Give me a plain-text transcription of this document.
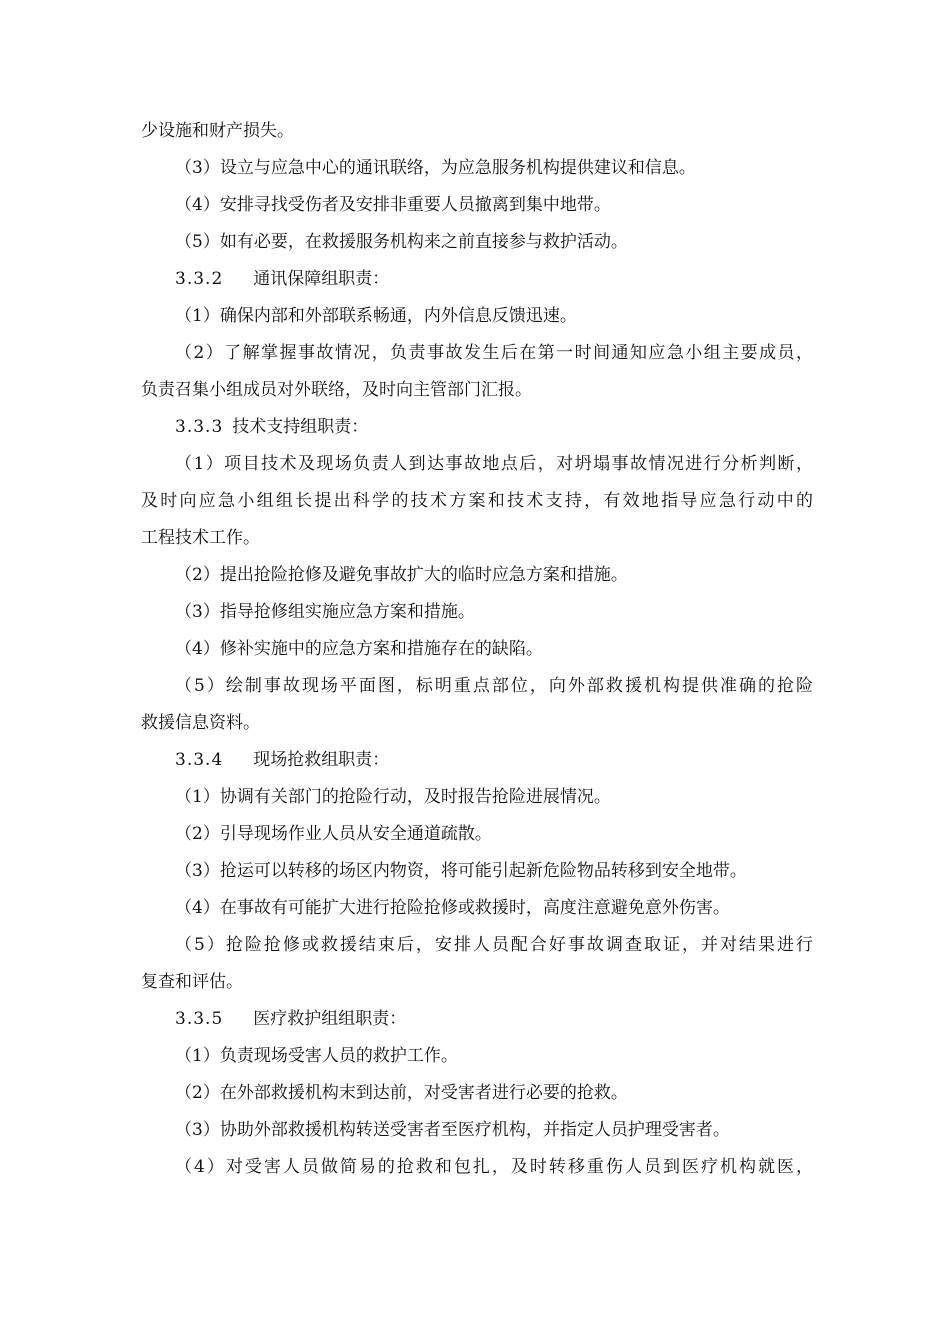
少设施和财产损失。
（3）设立与应急中心的通讯联络，为应急服务机构提供建议和信息。
（4）安排寻找受伤者及安排非重要人员撤离到集中地带。
（5）如有必要，在救援服务机构来之前直接参与救护活动。
3.3.2 通讯保障组职责：
（1）确保内部和外部联系畅通，内外信息反馈迅速。
（2）了解掌握事故情况，负责事故发生后在第一时间通知应急小组主要成员，
负责召集小组成员对外联络，及时向主管部门汇报。
3.3.3 技术支持组职责：
（1）项目技术及现场负责人到达事故地点后，对坍塌事故情况进行分析判断，
及时向应急小组组长提出科学的技术方案和技术支持，有效地指导应急行动中的
工程技术工作。
（2）提出抢险抢修及避免事故扩大的临时应急方案和措施。
（3）指导抢修组实施应急方案和措施。
（4）修补实施中的应急方案和措施存在的缺陷。
（5）绘制事故现场平面图，标明重点部位，向外部救援机构提供准确的抢险
救援信息资料。
3.3.4 现场抢救组职责：
（1）协调有关部门的抢险行动，及时报告抢险进展情况。
（2）引导现场作业人员从安全通道疏散。
（3）抢运可以转移的场区内物资，将可能引起新危险物品转移到安全地带。
（4）在事故有可能扩大进行抢险抢修或救援时，高度注意避免意外伤害。
（5）抢险抢修或救援结束后，安排人员配合好事故调查取证，并对结果进行
复查和评估。
3.3.5 医疗救护组组职责：
（1）负责现场受害人员的救护工作。
（2）在外部救援机构末到达前，对受害者进行必要的抢救。
（3）协助外部救援机构转送受害者至医疗机构，并指定人员护理受害者。
（4）对受害人员做简易的抢救和包扎，及时转移重伤人员到医疗机构就医，
